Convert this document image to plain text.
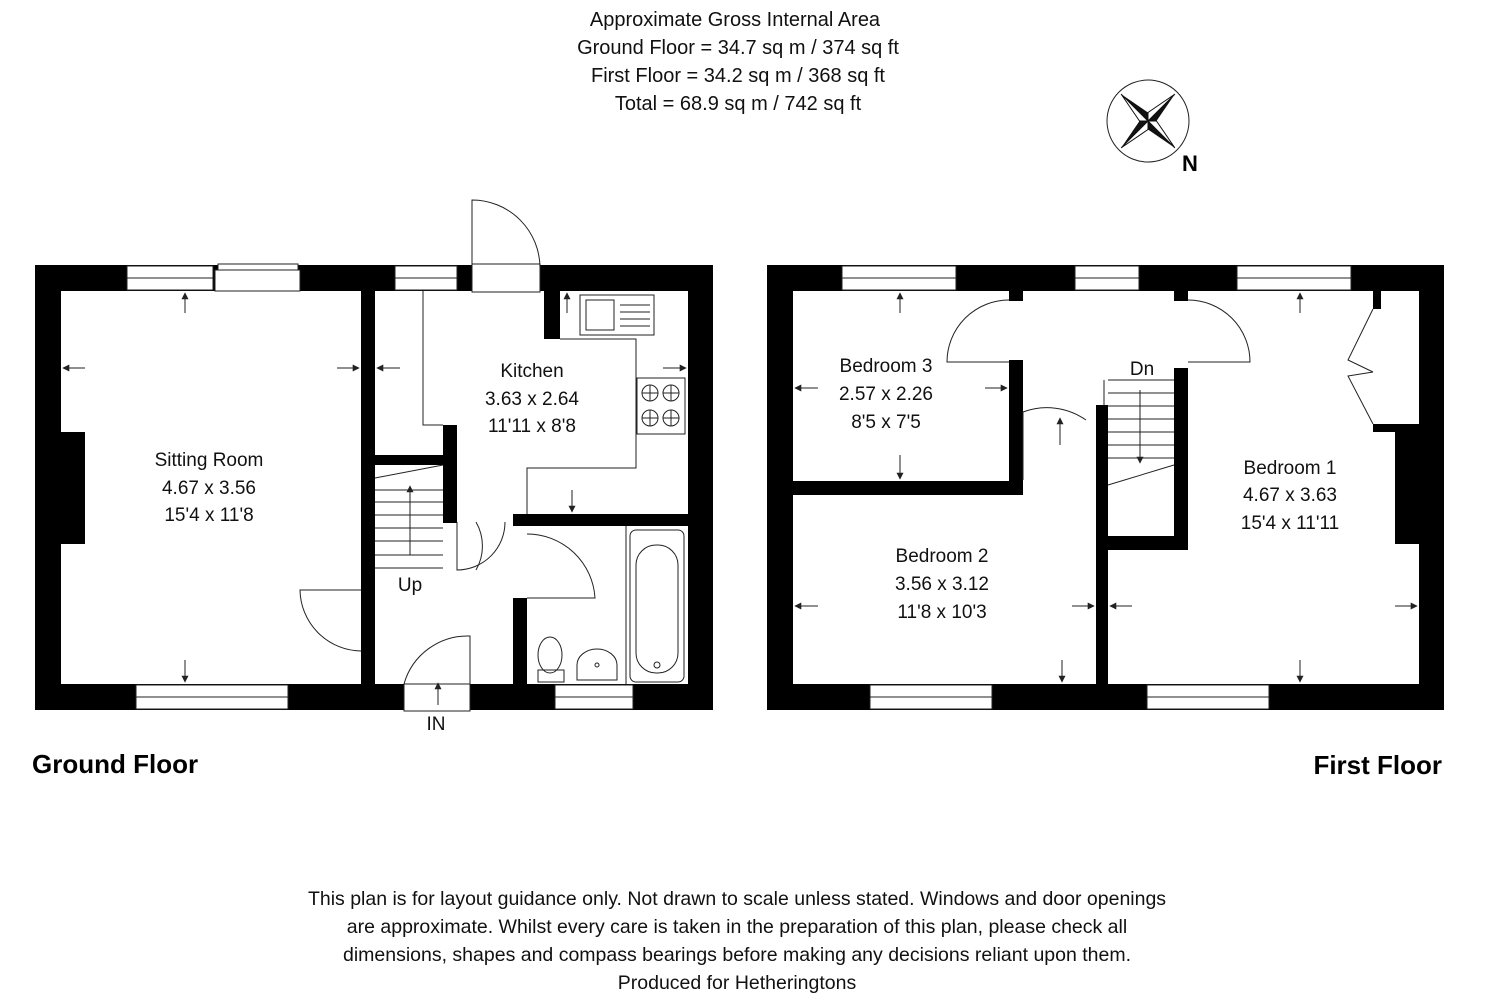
Approximate Gross Internal Area
Ground Floor = 34.7 sq m / 374 sq ft
First Floor = 34.2 sq m / 368 sq ft
Total = 68.9 sq m / 742 sq ft
N
Sitting Room
4.67 x 3.56
15'4 x 11'8
Kitchen
3.63 x 2.64
11'11 x 8'8
Up
IN
Ground Floor
Bedroom 3
2.57 x 2.26
8'5 x 7'5
Bedroom 2
3.56 x 3.12
11'8 x 10'3
Bedroom 1
4.67 x 3.63
15'4 x 11'11
Dn
First Floor
This plan is for layout guidance only. Not drawn to scale unless stated. Windows and door openings
are approximate. Whilst every care is taken in the preparation of this plan, please check all
dimensions, shapes and compass bearings before making any decisions reliant upon them.
Produced for Hetheringtons
